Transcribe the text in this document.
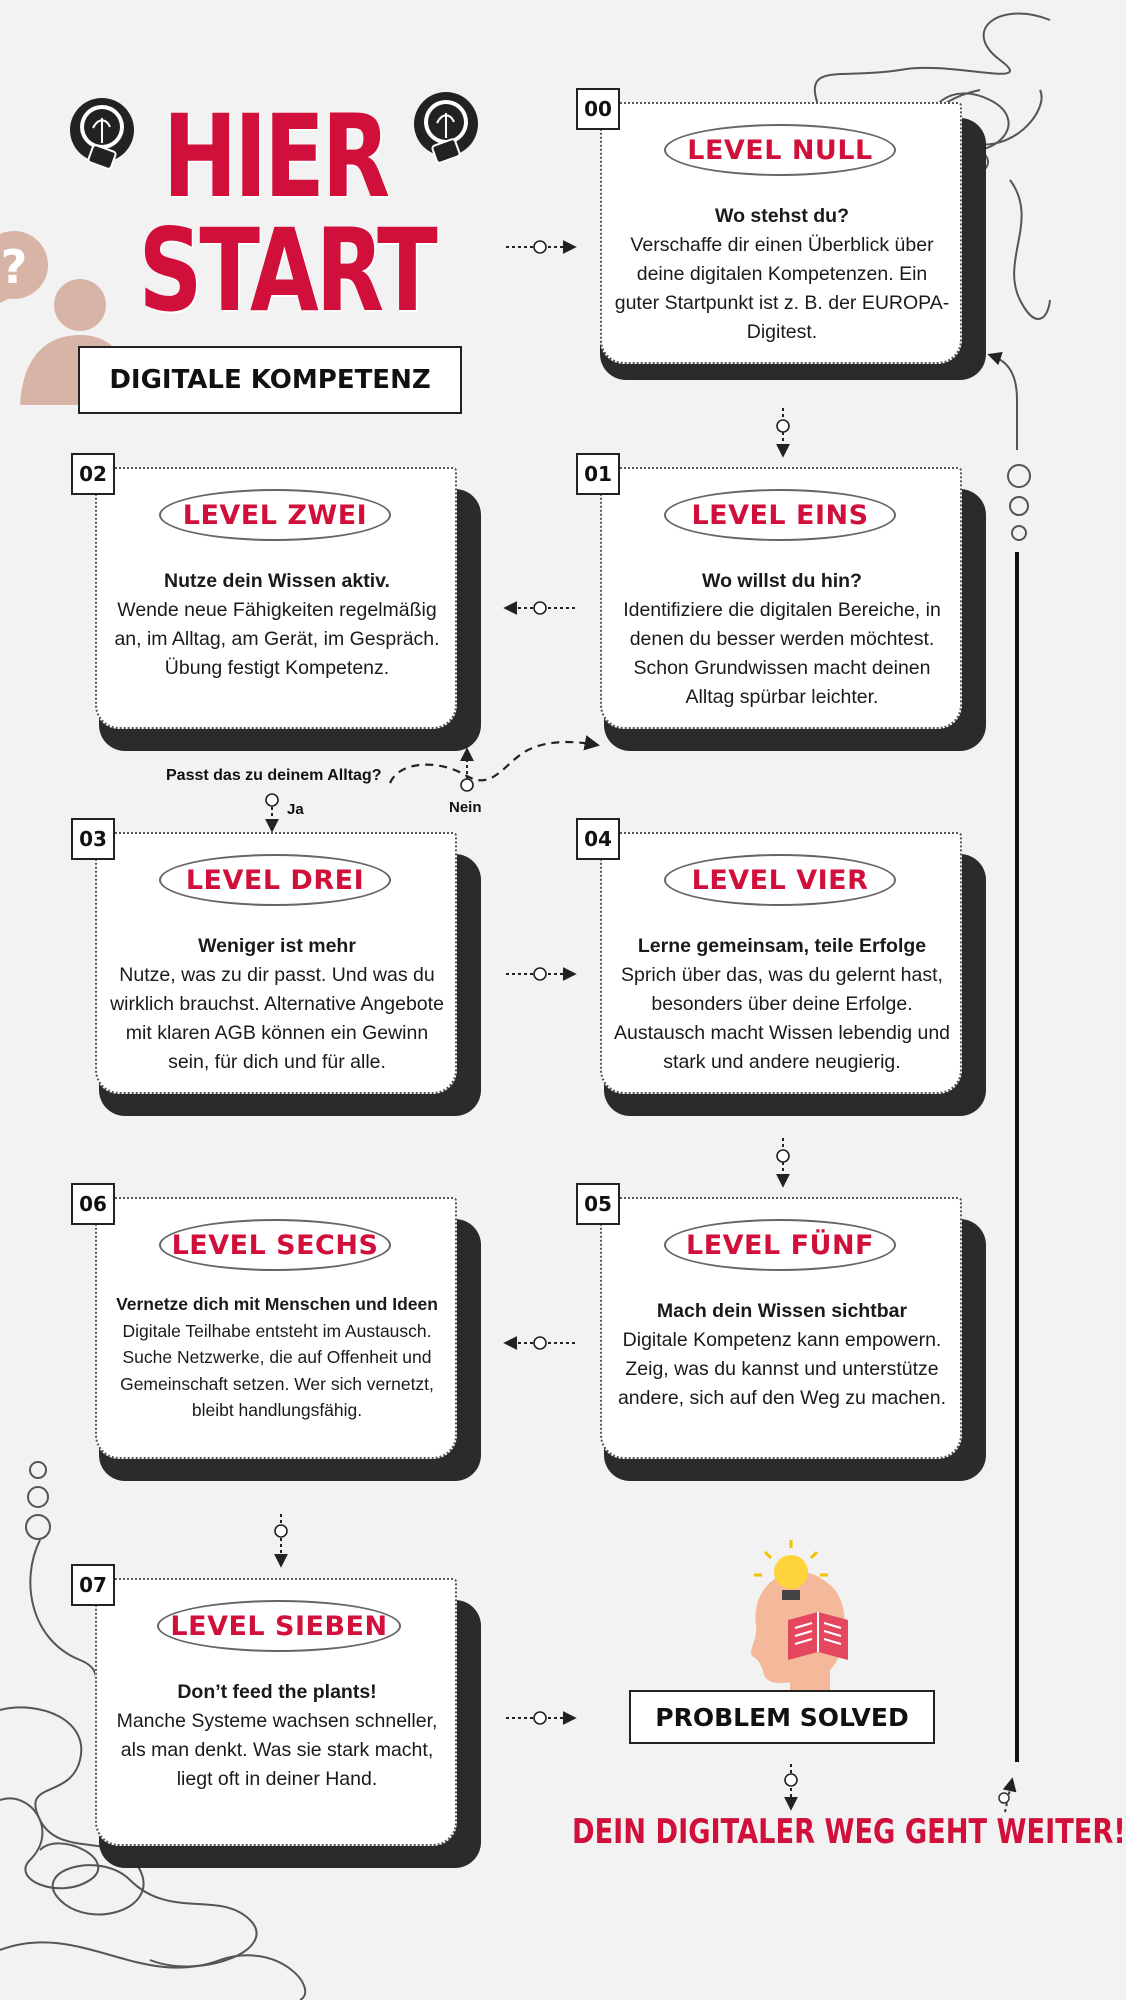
?
HIER
START
DIGITALE KOMPETENZ
00
LEVEL NULL
Wo stehst du?
Verschaffe dir einen Überblick über deine digitalen Kompetenzen. Ein guter Startpunkt ist z. B. der EUROPA-Digitest.
02
LEVEL ZWEI
Nutze dein Wissen aktiv.
Wende neue Fähigkeiten regelmäßig an, im Alltag, am Gerät, im Gespräch. Übung festigt Kompetenz.
01
LEVEL EINS
Wo willst du hin?
Identifiziere die digitalen Bereiche, in denen du besser werden möchtest. Schon Grundwissen macht deinen Alltag spürbar leichter.
Passt das zu deinem Alltag?
Ja	Nein
03
LEVEL DREI
Weniger ist mehr
Nutze, was zu dir passt. Und was du wirklich brauchst. Alternative Angebote mit klaren AGB können ein Gewinn sein, für dich und für alle.
04
LEVEL VIER
Lerne gemeinsam, teile Erfolge
Sprich über das, was du gelernt hast, besonders über deine Erfolge. Austausch macht Wissen lebendig und stark und andere neugierig.
06
LEVEL SECHS
Vernetze dich mit Menschen und Ideen
Digitale Teilhabe entsteht im Austausch. Suche Netzwerke, die auf Offenheit und Gemeinschaft setzen. Wer sich vernetzt, bleibt handlungsfähig.
05
LEVEL FÜNF
Mach dein Wissen sichtbar
Digitale Kompetenz kann empowern. Zeig, was du kannst und unterstütze andere, sich auf den Weg zu machen.
07
LEVEL SIEBEN
Don’t feed the plants!
Manche Systeme wachsen schneller, als man denkt. Was sie stark macht, liegt oft in deiner Hand.
PROBLEM SOLVED
DEIN DIGITALER WEG GEHT WEITER!
